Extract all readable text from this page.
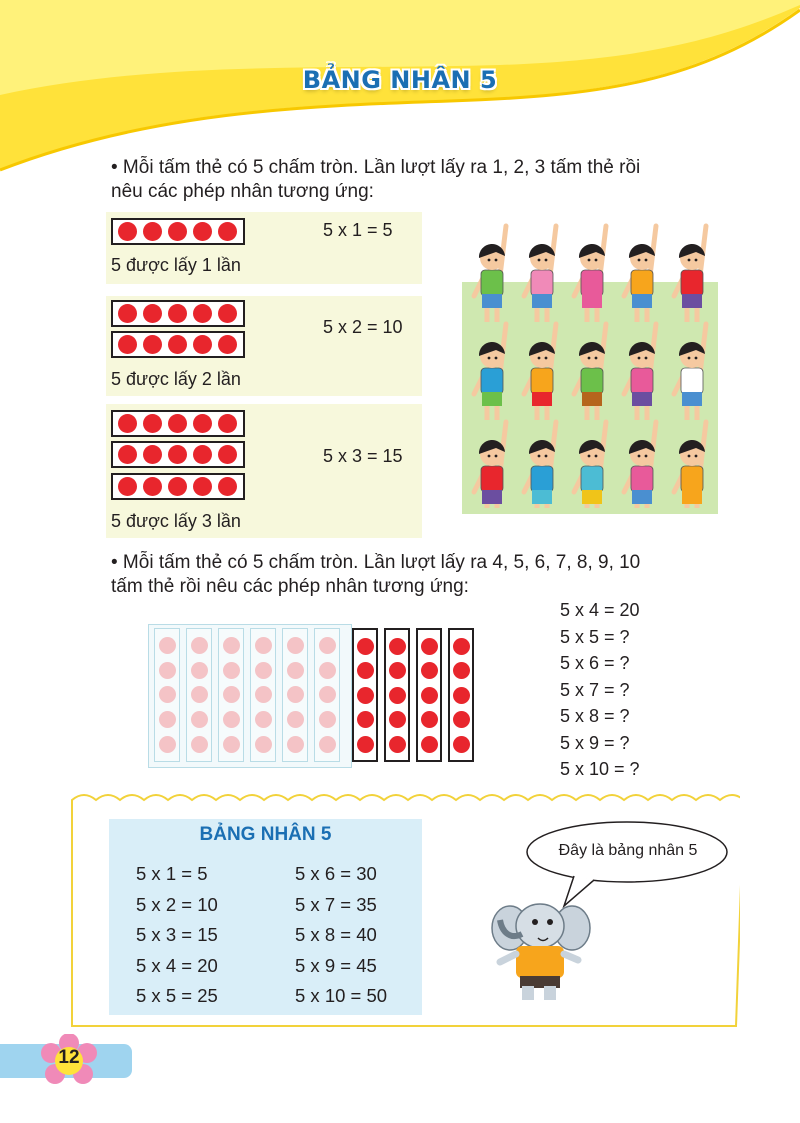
BẢNG NHÂN 5
• Mỗi tấm thẻ có 5 chấm tròn. Lần lượt lấy ra 1, 2, 3 tấm thẻ rồi
nêu các phép nhân tương ứng:
5 x 1 = 5
5 được lấy 1 lần
5 x 2 = 10
5 được lấy 2 lần
5 x 3 = 15
5 được lấy 3 lần
• Mỗi tấm thẻ có 5 chấm tròn. Lần lượt lấy ra 4, 5, 6, 7, 8, 9, 10
tấm thẻ rồi nêu các phép nhân tương ứng:
5 x 4 = 20
5 x 5 = ?
5 x 6 = ?
5 x 7 = ?
5 x 8 = ?
5 x 9 = ?
5 x 10 = ?
BẢNG NHÂN 5
5 x 1 = 5
5 x 2 = 10
5 x 3 = 15
5 x 4 = 20
5 x 5 = 25
5 x 6 = 30
5 x 7 = 35
5 x 8 = 40
5 x 9 = 45
5 x 10 = 50
Đây là bảng nhân 5
12
